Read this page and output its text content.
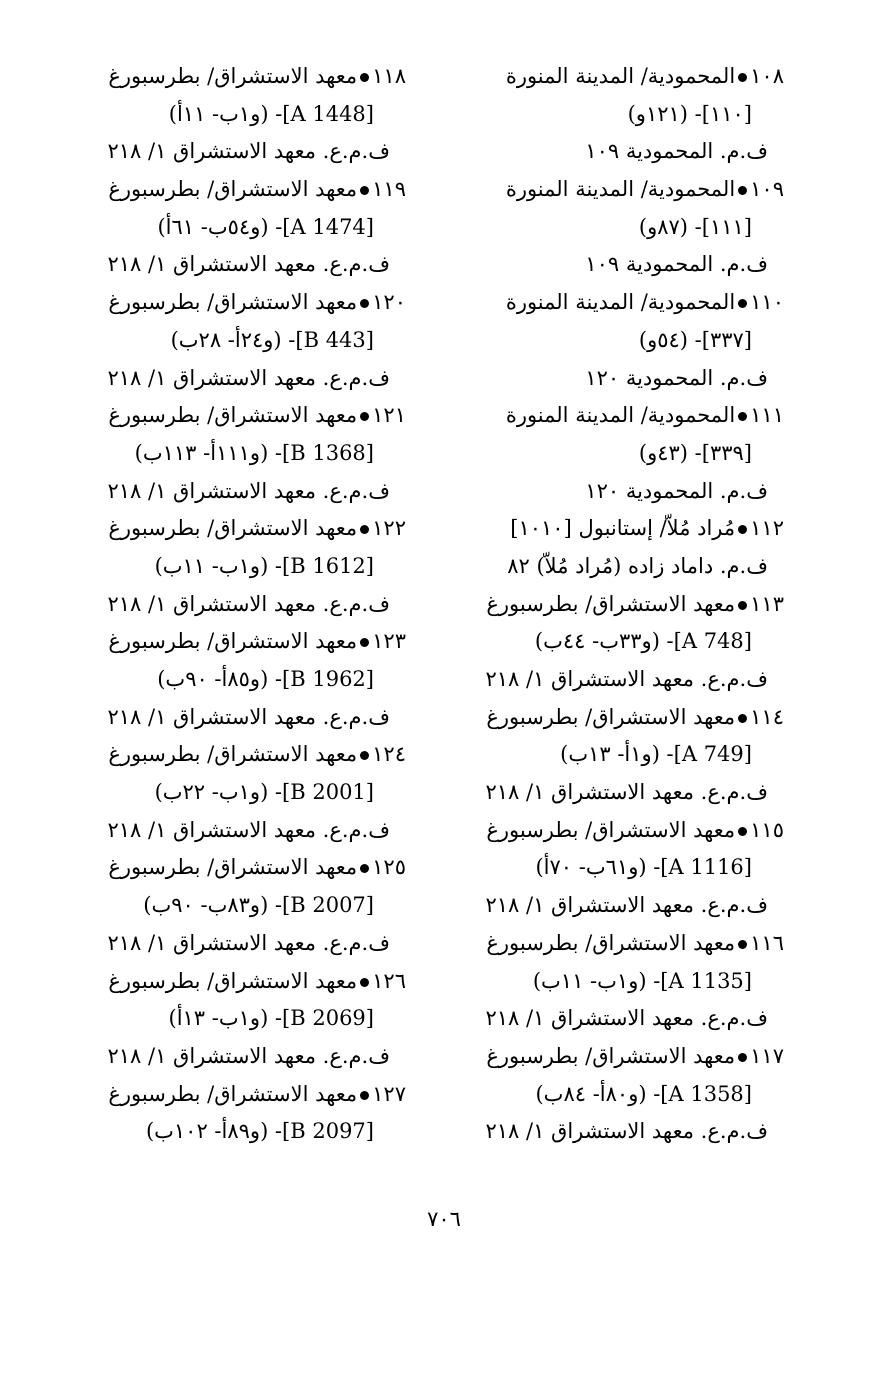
١٠٨المحمودية/ المدينة المنورة
[١١٠]- (١٢١و)
ف.م. المحمودية ١٠٩
١٠٩المحمودية/ المدينة المنورة
[١١١]- (٨٧و)
ف.م. المحمودية ١٠٩
١١٠المحمودية/ المدينة المنورة
[٣٣٧]- (٥٤و)
ف.م. المحمودية ١٢٠
١١١المحمودية/ المدينة المنورة
[٣٣٩]- (٤٣و)
ف.م. المحمودية ١٢٠
١١٢مُراد مُلاّ/ إستانبول [١٠١٠]
ف.م. داماد زاده (مُراد مُلاّ) ٨٢
١١٣معهد الاستشراق/ بطرسبورغ
[A 748]- (و٣٣ب- ٤٤ب)
ف.م.ع. معهد الاستشراق ١/ ٢١٨
١١٤معهد الاستشراق/ بطرسبورغ
[A 749]- (و١أ- ١٣ب)
ف.م.ع. معهد الاستشراق ١/ ٢١٨
١١٥معهد الاستشراق/ بطرسبورغ
[A 1116]- (و٦١ب- ٧٠أ)
ف.م.ع. معهد الاستشراق ١/ ٢١٨
١١٦معهد الاستشراق/ بطرسبورغ
[A 1135]- (و١ب- ١١ب)
ف.م.ع. معهد الاستشراق ١/ ٢١٨
١١٧معهد الاستشراق/ بطرسبورغ
[A 1358]- (و٨٠أ- ٨٤ب)
ف.م.ع. معهد الاستشراق ١/ ٢١٨
١١٨معهد الاستشراق/ بطرسبورغ
[A 1448]- (و١ب- ١١أ)
ف.م.ع. معهد الاستشراق ١/ ٢١٨
١١٩معهد الاستشراق/ بطرسبورغ
[A 1474]- (و٥٤ب- ٦١أ)
ف.م.ع. معهد الاستشراق ١/ ٢١٨
١٢٠معهد الاستشراق/ بطرسبورغ
[B 443]- (و٢٤أ- ٢٨ب)
ف.م.ع. معهد الاستشراق ١/ ٢١٨
١٢١معهد الاستشراق/ بطرسبورغ
[B 1368]- (و١١١أ- ١١٣ب)
ف.م.ع. معهد الاستشراق ١/ ٢١٨
١٢٢معهد الاستشراق/ بطرسبورغ
[B 1612]- (و١ب- ١١ب)
ف.م.ع. معهد الاستشراق ١/ ٢١٨
١٢٣معهد الاستشراق/ بطرسبورغ
[B 1962]- (و٨٥أ- ٩٠ب)
ف.م.ع. معهد الاستشراق ١/ ٢١٨
١٢٤معهد الاستشراق/ بطرسبورغ
[B 2001]- (و١ب- ٢٢ب)
ف.م.ع. معهد الاستشراق ١/ ٢١٨
١٢٥معهد الاستشراق/ بطرسبورغ
[B 2007]- (و٨٣ب- ٩٠ب)
ف.م.ع. معهد الاستشراق ١/ ٢١٨
١٢٦معهد الاستشراق/ بطرسبورغ
[B 2069]- (و١ب- ١٣أ)
ف.م.ع. معهد الاستشراق ١/ ٢١٨
١٢٧معهد الاستشراق/ بطرسبورغ
[B 2097]- (و٨٩أ- ١٠٢ب)
٧٠٦
